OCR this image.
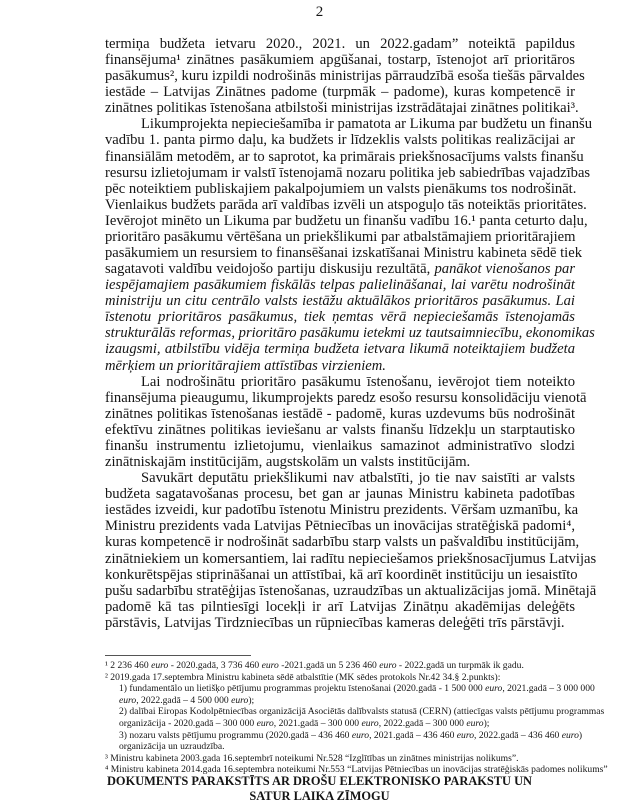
2
termiņa budžeta ietvaru 2020., 2021. un 2022.gadam” noteiktā papildus
finansējuma¹ zinātnes pasākumiem apgūšanai, tostarp, īstenojot arī prioritāros
pasākumus², kuru izpildi nodrošinās ministrijas pārraudzībā esoša tiešās pārvaldes
iestāde – Latvijas Zinātnes padome (turpmāk – padome), kuras kompetencē ir
zinātnes politikas īstenošana atbilstoši ministrijas izstrādātajai zinātnes politikai³.
Likumprojekta nepieciešamība ir pamatota ar Likuma par budžetu un finanšu
vadību 1. panta pirmo daļu, ka budžets ir līdzeklis valsts politikas realizācijai ar
finansiālām metodēm, ar to saprotot, ka primārais priekšnosacījums valsts finanšu
resursu izlietojumam ir valstī īstenojamā nozaru politika jeb sabiedrības vajadzības
pēc noteiktiem publiskajiem pakalpojumiem un valsts pienākums tos nodrošināt.
Vienlaikus budžets parāda arī valdības izvēli un atspoguļo tās noteiktās prioritātes.
Ievērojot minēto un Likuma par budžetu un finanšu vadību 16.¹ panta ceturto daļu,
prioritāro pasākumu vērtēšana un priekšlikumi par atbalstāmajiem prioritārajiem
pasākumiem un resursiem to finansēšanai izskatīšanai Ministru kabineta sēdē tiek
sagatavoti valdību veidojošo partiju diskusiju rezultātā, panākot vienošanos par
iespējamajiem pasākumiem fiskālās telpas palielināšanai, lai varētu nodrošināt
ministriju un citu centrālo valsts iestāžu aktuālākos prioritāros pasākumus. Lai
īstenotu prioritāros pasākumus, tiek ņemtas vērā nepieciešamās īstenojamās
strukturālās reformas, prioritāro pasākumu ietekmi uz tautsaimniecību, ekonomikas
izaugsmi, atbilstību vidēja termiņa budžeta ietvara likumā noteiktajiem budžeta
mērķiem un prioritārajiem attīstības virzieniem.
Lai nodrošinātu prioritāro pasākumu īstenošanu, ievērojot tiem noteikto
finansējuma pieaugumu, likumprojekts paredz esošo resursu konsolidāciju vienotā
zinātnes politikas īstenošanas iestādē - padomē, kuras uzdevums būs nodrošināt
efektīvu zinātnes politikas ieviešanu ar valsts finanšu līdzekļu un starptautisko
finanšu instrumentu izlietojumu, vienlaikus samazinot administratīvo slodzi
zinātniskajām institūcijām, augstskolām un valsts institūcijām.
Savukārt deputātu priekšlikumi nav atbalstīti, jo tie nav saistīti ar valsts
budžeta sagatavošanas procesu, bet gan ar jaunas Ministru kabineta padotības
iestādes izveidi, kur padotību īstenotu Ministru prezidents. Vēršam uzmanību, ka
Ministru prezidents vada Latvijas Pētniecības un inovācijas stratēģiskā padomi⁴,
kuras kompetencē ir nodrošināt sadarbību starp valsts un pašvaldību institūcijām,
zinātniekiem un komersantiem, lai radītu nepieciešamos priekšnosacījumus Latvijas
konkurētspējas stiprināšanai un attīstībai, kā arī koordinēt institūciju un iesaistīto
pušu sadarbību stratēģijas īstenošanas, uzraudzības un aktualizācijas jomā. Minētajā
padomē kā tas pilntiesīgi locekļi ir arī Latvijas Zinātņu akadēmijas deleģēts
pārstāvis, Latvijas Tirdzniecības un rūpniecības kameras deleģēti trīs pārstāvji.
¹ 2 236 460 euro - 2020.gadā, 3 736 460 euro -2021.gadā un 5 236 460 euro - 2022.gadā un turpmāk ik gadu.
² 2019.gada 17.septembra Ministru kabineta sēdē atbalstītie (MK sēdes protokols Nr.42 34.§ 2.punkts):
1) fundamentālo un lietišķo pētījumu programmas projektu īstenošanai (2020.gadā - 1 500 000 euro, 2021.gadā – 3 000 000
euro, 2022.gadā – 4 500 000 euro);
2) dalībai Eiropas Kodolpētniecības organizācijā Asociētās dalībvalsts statusā (CERN) (attiecīgas valsts pētījumu programmas
organizācija - 2020.gadā – 300 000 euro, 2021.gadā – 300 000 euro, 2022.gadā – 300 000 euro);
3) nozaru valsts pētījumu programmu (2020.gadā – 436 460 euro, 2021.gadā – 436 460 euro, 2022.gadā – 436 460 euro)
organizācija un uzraudzība.
³ Ministru kabineta 2003.gada 16.septembrī noteikumi Nr.528 “Izglītības un zinātnes ministrijas nolikums”.
⁴ Ministru kabineta 2014.gada 16.septembra noteikumi Nr.553 “Latvijas Pētniecības un inovācijas stratēģiskās padomes nolikums”
DOKUMENTS PARAKSTĪTS AR DROŠU ELEKTRONISKO PARAKSTU UN
SATUR LAIKA ZĪMOGU
